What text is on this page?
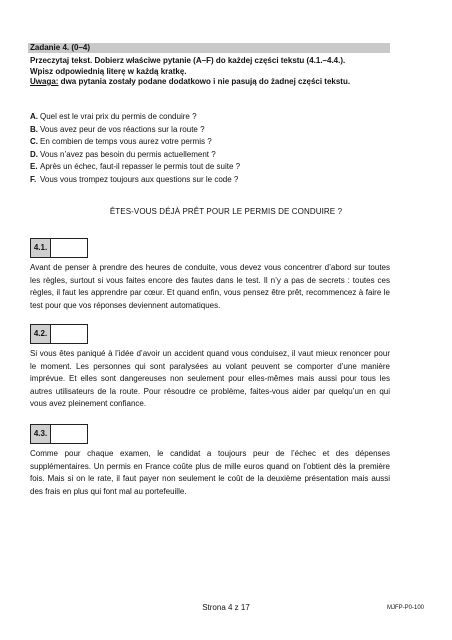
Zadanie 4. (0–4)
Przeczytaj tekst. Dobierz właściwe pytanie (A–F) do każdej części tekstu (4.1.–4.4.).
Wpisz odpowiednią literę w każdą kratkę.
Uwaga: dwa pytania zostały podane dodatkowo i nie pasują do żadnej części tekstu.
A. Quel est le vrai prix du permis de conduire ?
B. Vous avez peur de vos réactions sur la route ?
C. En combien de temps vous aurez votre permis ?
D. Vous n’avez pas besoin du permis actuellement ?
E. Après un échec, faut-il repasser le permis tout de suite ?
F. Vous vous trompez toujours aux questions sur le code ?
ÊTES-VOUS DÉJÀ PRÊT POUR LE PERMIS DE CONDUIRE ?
4.1.
Avant de penser à prendre des heures de conduite, vous devez vous concentrer d’abord sur toutes les règles, surtout si vous faites encore des fautes dans le test. Il n’y a pas de secrets : toutes ces règles, il faut les apprendre par cœur. Et quand enfin, vous pensez être prêt, recommencez à faire le test pour que vos réponses deviennent automatiques.
4.2.
Si vous êtes paniqué à l’idée d’avoir un accident quand vous conduisez, il vaut mieux renoncer pour le moment. Les personnes qui sont paralysées au volant peuvent se comporter d’une manière imprévue. Et elles sont dangereuses non seulement pour elles-mêmes mais aussi pour tous les autres utilisateurs de la route. Pour résoudre ce problème, faites-vous aider par quelqu’un en qui vous avez pleinement confiance.
4.3.
Comme pour chaque examen, le candidat a toujours peur de l’échec et des dépenses supplémentaires. Un permis en France coûte plus de mille euros quand on l’obtient dès la première fois. Mais si on le rate, il faut payer non seulement le coût de la deuxième présentation mais aussi des frais en plus qui font mal au portefeuille.
Strona 4 z 17	MJFP-P0-100
